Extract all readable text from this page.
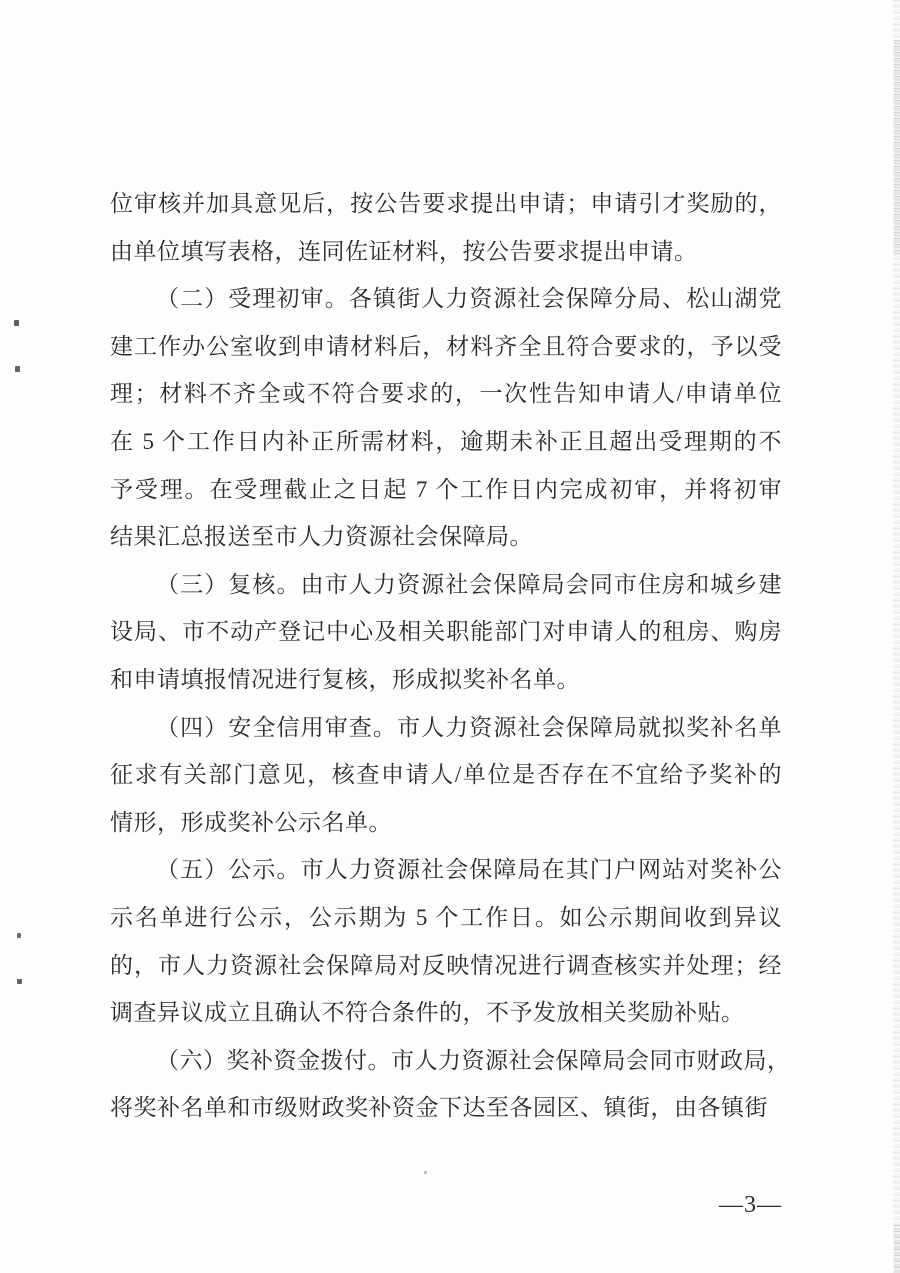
位审核并加具意见后，按公告要求提出申请；申请引才奖励的，
由单位填写表格，连同佐证材料，按公告要求提出申请。
（二）受理初审。各镇街人力资源社会保障分局、松山湖党
建工作办公室收到申请材料后，材料齐全且符合要求的，予以受
理；材料不齐全或不符合要求的，一次性告知申请人/申请单位
在 5 个工作日内补正所需材料，逾期未补正且超出受理期的不
予受理。在受理截止之日起 7 个工作日内完成初审，并将初审
结果汇总报送至市人力资源社会保障局。
（三）复核。由市人力资源社会保障局会同市住房和城乡建
设局、市不动产登记中心及相关职能部门对申请人的租房、购房
和申请填报情况进行复核，形成拟奖补名单。
（四）安全信用审查。市人力资源社会保障局就拟奖补名单
征求有关部门意见，核查申请人/单位是否存在不宜给予奖补的
情形，形成奖补公示名单。
（五）公示。市人力资源社会保障局在其门户网站对奖补公
示名单进行公示，公示期为 5 个工作日。如公示期间收到异议
的，市人力资源社会保障局对反映情况进行调查核实并处理；经
调查异议成立且确认不符合条件的，不予发放相关奖励补贴。
（六）奖补资金拨付。市人力资源社会保障局会同市财政局，
将奖补名单和市级财政奖补资金下达至各园区、镇街，由各镇街
—3—
